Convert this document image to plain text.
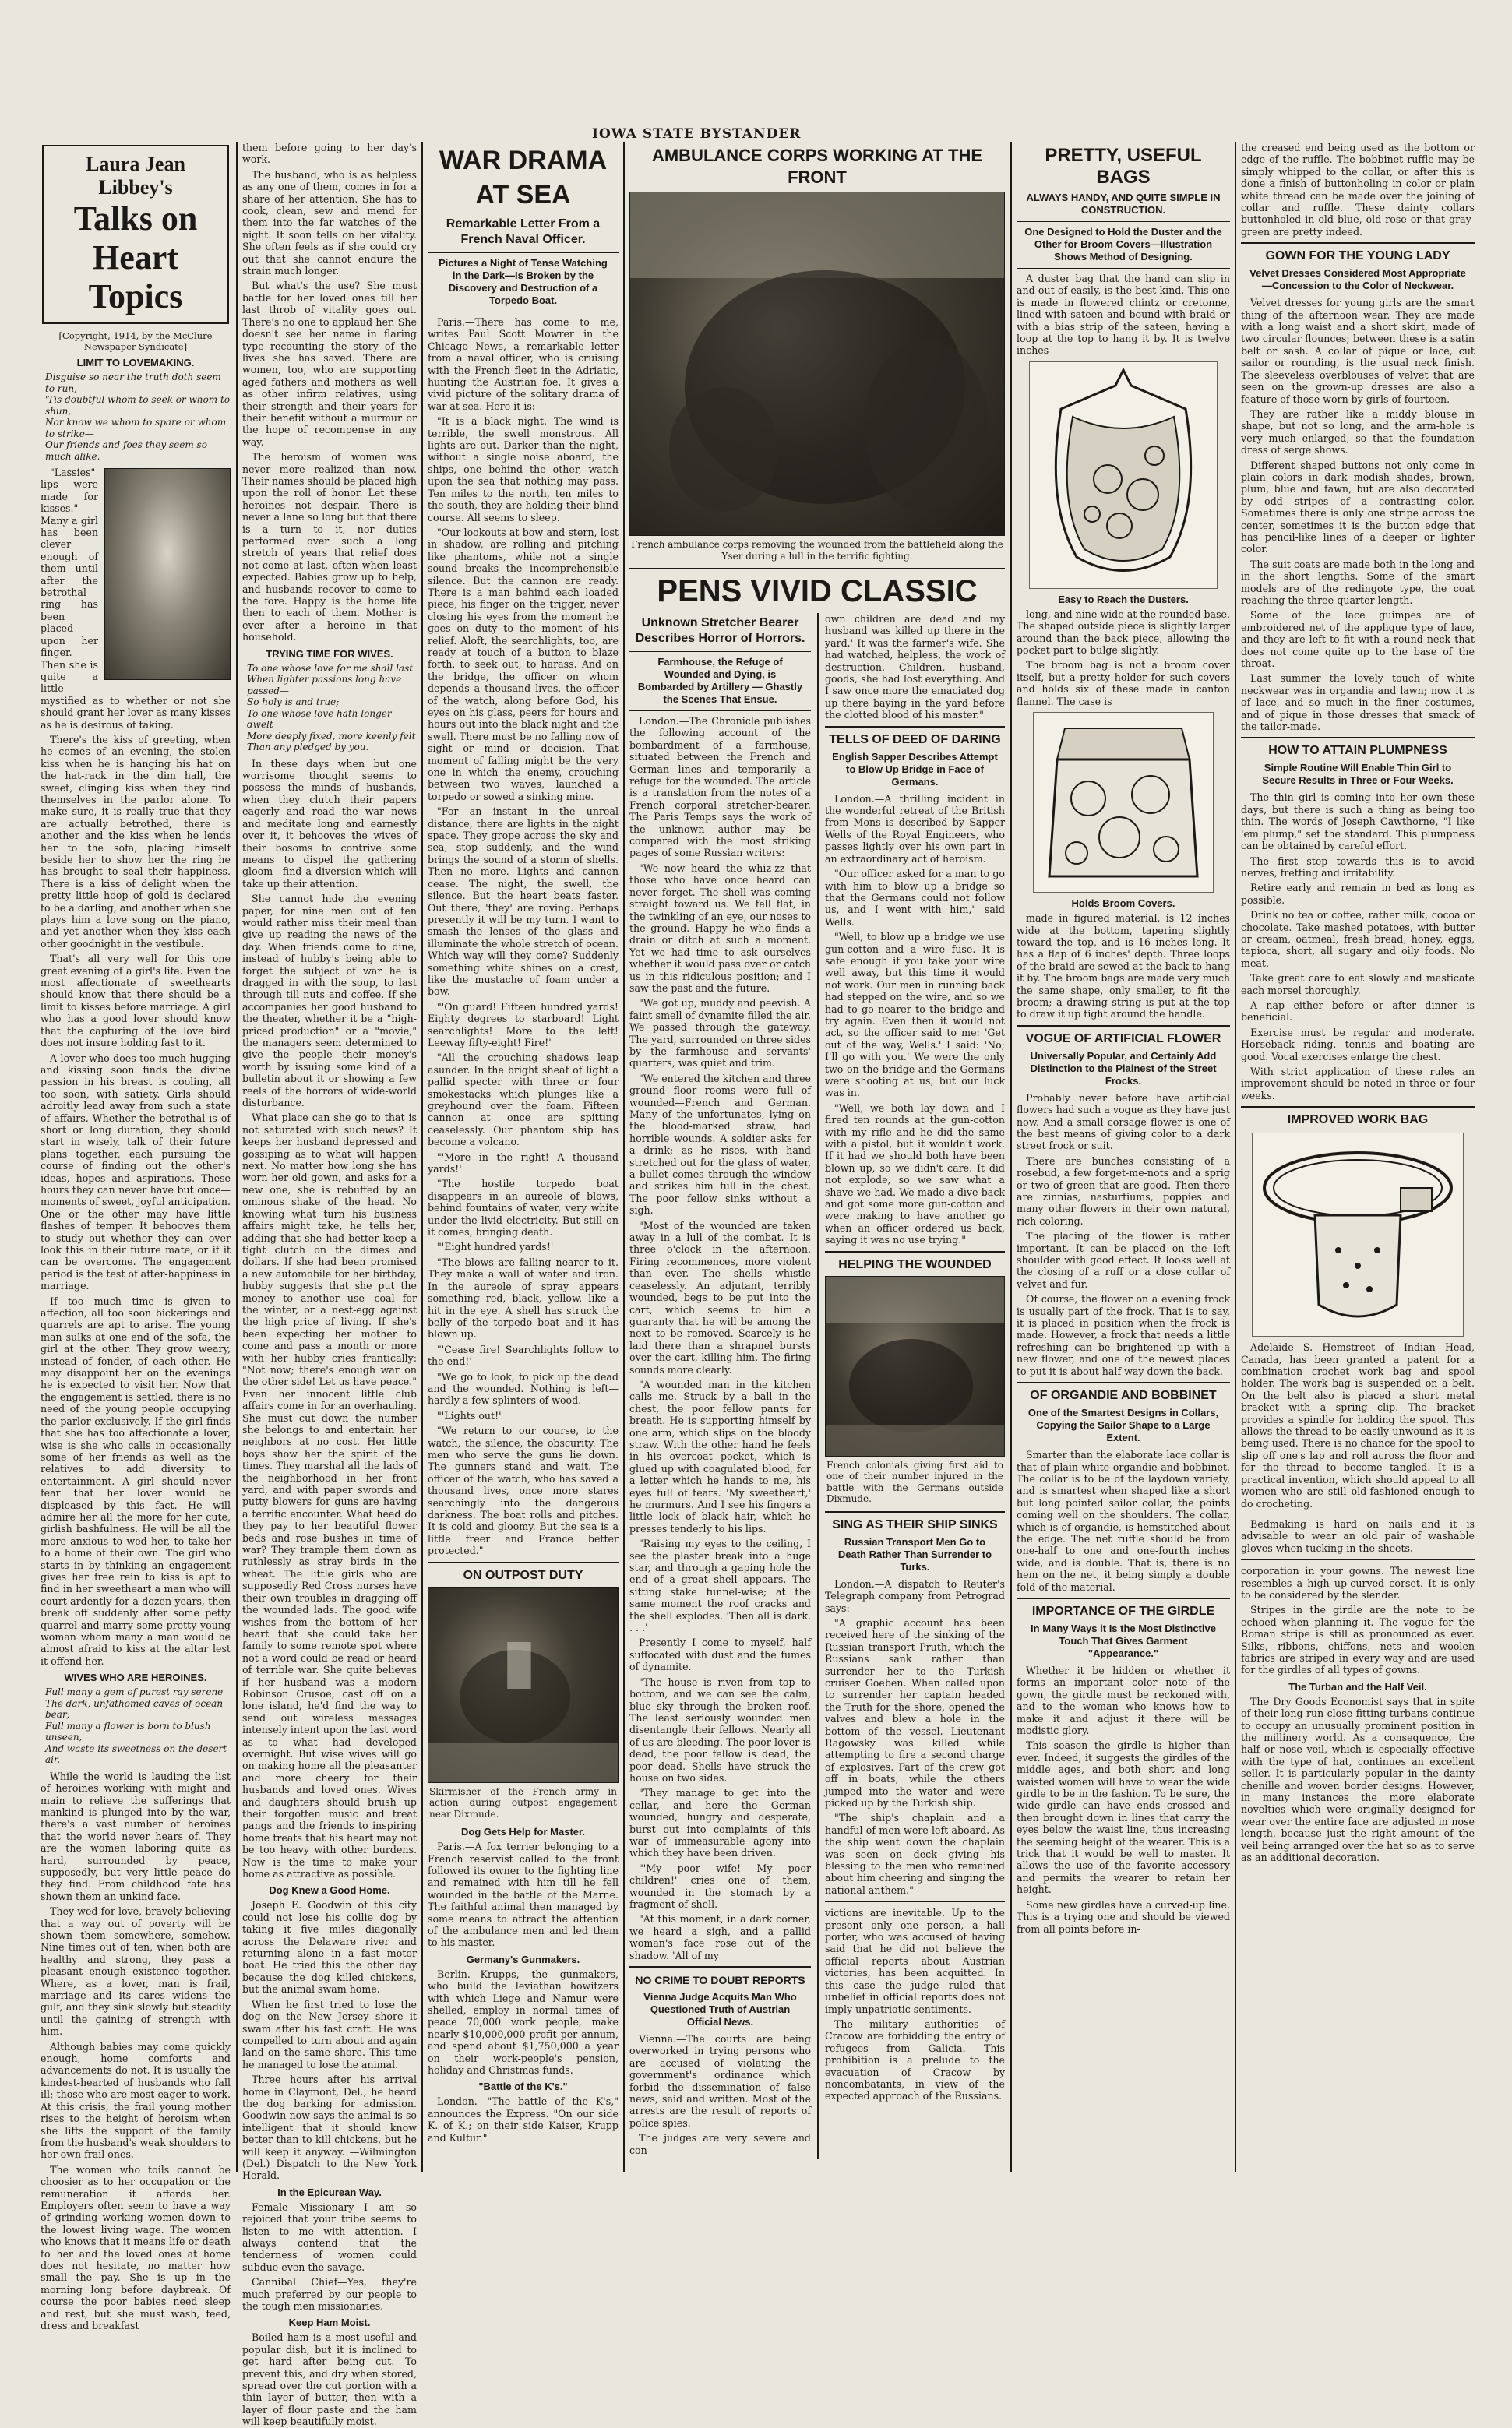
IOWA STATE BYSTANDER
Laura Jean Libbey's
Talks on
Heart Topics
[Copyright, 1914, by the McClure Newspaper Syndicate]
LIMIT TO LOVEMAKING.
Disguise so near the truth doth seem to run,
'Tis doubtful whom to seek or whom to shun,
Nor know we whom to spare or whom to strike—
Our friends and foes they seem so much alike.

"Lassies" lips were made for kisses." Many a girl has been clever enough of them until after the betrothal ring has been placed upon her finger. Then she is quite a little mystified as to whether or not she should grant her lover as many kisses as he is desirous of taking.

There's the kiss of greeting, when he comes of an evening, the stolen kiss when he is hanging his hat on the hat-rack in the dim hall, the sweet, clinging kiss when they find themselves in the parlor alone. To make sure, it is really true that they are actually betrothed, there is another and the kiss when he lends her to the sofa, placing himself beside her to show her the ring he has brought to seal their happiness. There is a kiss of delight when the pretty little hoop of gold is declared to be a darling, and another when she plays him a love song on the piano, and yet another when they kiss each other goodnight in the vestibule.

That's all very well for this one great evening of a girl's life. Even the most affectionate of sweethearts should know that there should be a limit to kisses before marriage. A girl who has a good lover should know that the capturing of the love bird does not insure holding fast to it.

A lover who does too much hugging and kissing soon finds the divine passion in his breast is cooling, all too soon, with satiety. Girls should adroitly lead away from such a state of affairs. Whether the betrothal is of short or long duration, they should start in wisely, talk of their future plans together, each pursuing the course of finding out the other's ideas, hopes and aspirations. These hours they can never have but once—moments of sweet, joyful anticipation. One or the other may have little flashes of temper. It behooves them to study out whether they can over look this in their future mate, or if it can be overcome. The engagement period is the test of after-happiness in marriage.

If too much time is given to affection, all too soon bickerings and quarrels are apt to arise. The young man sulks at one end of the sofa, the girl at the other. They grow weary, instead of fonder, of each other. He may disappoint her on the evenings he is expected to visit her. Now that the engagement is settled, there is no need of the young people occupying the parlor exclusively. If the girl finds that she has too affectionate a lover, wise is she who calls in occasionally some of her friends as well as the relatives to add diversity to entertainment. A girl should never fear that her lover would be displeased by this fact. He will admire her all the more for her cute, girlish bashfulness. He will be all the more anxious to wed her, to take her to a home of their own. The girl who starts in by thinking an engagement gives her free rein to kiss is apt to find in her sweetheart a man who will court ardently for a dozen years, then break off suddenly after some petty quarrel and marry some pretty young woman whom many a man would be almost afraid to kiss at the altar lest it offend her.

WIVES WHO ARE HEROINES.
Full many a gem of purest ray serene
The dark, unfathomed caves of ocean bear;
Full many a flower is born to blush unseen,
And waste its sweetness on the desert air.

While the world is lauding the list of heroines working with might and main to relieve the sufferings that mankind is plunged into by the war, there's a vast number of heroines that the world never hears of. They are the women laboring quite as hard, surrounded by peace, supposedly, but very little peace do they find. From childhood fate has shown them an unkind face.

They wed for love, bravely believing that a way out of poverty will be shown them somewhere, somehow. Nine times out of ten, when both are healthy and strong, they pass a pleasant enough existence together. Where, as a lover, man is frail, marriage and its cares widens the gulf, and they sink slowly but steadily until the gaining of strength with him.

Although babies may come quickly enough, home comforts and advancements do not. It is usually the kindest-hearted of husbands who fall ill; those who are most eager to work. At this crisis, the frail young mother rises to the height of heroism when she lifts the support of the family from the husband's weak shoulders to her own frail ones.

The women who toils cannot be choosier as to her occupation or the remuneration it affords her. Employers often seem to have a way of grinding working women down to the lowest living wage. The women who knows that it means life or death to her and the loved ones at home does not hesitate, no matter how small the pay. She is up in the morning long before daybreak. Of course the poor babies need sleep and rest, but she must wash, feed, dress and breakfast

them before going to her day's work.

The husband, who is as helpless as any one of them, comes in for a share of her attention. She has to cook, clean, sew and mend for them into the far watches of the night. It soon tells on her vitality. She often feels as if she could cry out that she cannot endure the strain much longer.

But what's the use? She must battle for her loved ones till her last throb of vitality goes out. There's no one to applaud her. She doesn't see her name in flaring type recounting the story of the lives she has saved. There are women, too, who are supporting aged fathers and mothers as well as other infirm relatives, using their strength and their years for their benefit without a murmur or the hope of recompense in any way.

The heroism of women was never more realized than now. Their names should be placed high upon the roll of honor. Let these heroines not despair. There is never a lane so long but that there is a turn to it, nor duties performed over such a long stretch of years that relief does not come at last, often when least expected. Babies grow up to help, and husbands recover to come to the fore. Happy is the home life then to each of them. Mother is ever after a heroine in that household.

TRYING TIME FOR WIVES.
To one whose love for me shall last
When lighter passions long have passed—
So holy is and true;
To one whose love hath longer dwelt
More deeply fixed, more keenly felt
Than any pledged by you.

In these days when but one worrisome thought seems to possess the minds of husbands, when they clutch their papers eagerly and read the war news and meditate long and earnestly over it, it behooves the wives of their bosoms to contrive some means to dispel the gathering gloom—find a diversion which will take up their attention.

She cannot hide the evening paper, for nine men out of ten would rather miss their meal than give up reading the news of the day. When friends come to dine, instead of hubby's being able to forget the subject of war he is dragged in with the soup, to last through till nuts and coffee. If she accompanies her good husband to the theater, whether it be a "high-priced production" or a "movie," the managers seem determined to give the people their money's worth by issuing some kind of a bulletin about it or showing a few reels of the horrors of wide-world disturbance.

What place can she go to that is not saturated with such news? It keeps her husband depressed and gossiping as to what will happen next. No matter how long she has worn her old gown, and asks for a new one, she is rebuffed by an ominous shake of the head. No knowing what turn his business affairs might take, he tells her, adding that she had better keep a tight clutch on the dimes and dollars. If she had been promised a new automobile for her birthday, hubby suggests that she put the money to another use—coal for the winter, or a nest-egg against the high price of living. If she's been expecting her mother to come and pass a month or more with her hubby cries frantically: "Not now; there's enough war on the other side! Let us have peace." Even her innocent little club affairs come in for an overhauling. She must cut down the number she belongs to and entertain her neighbors at no cost. Her little boys show her the spirit of the times. They marshal all the lads of the neighborhood in her front yard, and with paper swords and putty blowers for guns are having a terrific encounter. What heed do they pay to her beautiful flower beds and rose bushes in time of war? They trample them down as ruthlessly as stray birds in the wheat. The little girls who are supposedly Red Cross nurses have their own troubles in dragging off the wounded lads. The good wife wishes from the bottom of her heart that she could take her family to some remote spot where not a word could be read or heard of terrible war. She quite believes if her husband was a modern Robinson Crusoe, cast off on a lone island, he'd find the way to send out wireless messages intensely intent upon the last word as to what had developed overnight. But wise wives will go on making home all the pleasanter and more cheery for their husbands and loved ones. Wives and daughters should brush up their forgotten music and treat pangs and the friends to inspiring home treats that his heart may not be too heavy with other burdens. Now is the time to make your home as attractive as possible.

Dog Knew a Good Home.

Joseph E. Goodwin of this city could not lose his collie dog by taking it five miles diagonally across the Delaware river and returning alone in a fast motor boat. He tried this the other day because the dog killed chickens, but the animal swam home.

When he first tried to lose the dog on the New Jersey shore it swam after his fast craft. He was compelled to turn about and again land on the same shore. This time he managed to lose the animal.

Three hours after his arrival home in Claymont, Del., he heard the dog barking for admission. Goodwin now says the animal is so intelligent that it should know better than to kill chickens, but he will keep it anyway. —Wilmington (Del.) Dispatch to the New York Herald.

In the Epicurean Way.

Female Missionary—I am so rejoiced that your tribe seems to listen to me with attention. I always contend that the tenderness of women could subdue even the savage.

Cannibal Chief—Yes, they're much preferred by our people to the tough men missionaries.

Keep Ham Moist.

Boiled ham is a most useful and popular dish, but it is inclined to get hard after being cut. To prevent this, and dry when stored, spread over the cut portion with a thin layer of butter, then with a layer of flour paste and the ham will keep beautifully moist.

WAR DRAMA AT SEA
Remarkable Letter From a French Naval Officer.
Pictures a Night of Tense Watching in the Dark—Is Broken by the Discovery and Destruction of a Torpedo Boat.

Paris.—There has come to me, writes Paul Scott Mowrer in the Chicago News, a remarkable letter from a naval officer, who is cruising with the French fleet in the Adriatic, hunting the Austrian foe. It gives a vivid picture of the solitary drama of war at sea. Here it is:

"It is a black night. The wind is terrible, the swell monstrous. All lights are out. Darker than the night, without a single noise aboard, the ships, one behind the other, watch upon the sea that nothing may pass. Ten miles to the north, ten miles to the south, they are holding their blind course. All seems to sleep.

"Our lookouts at bow and stern, lost in shadow, are rolling and pitching like phantoms, while not a single sound breaks the incomprehensible silence. But the cannon are ready. There is a man behind each loaded piece, his finger on the trigger, never closing his eyes from the moment he goes on duty to the moment of his relief. Aloft, the searchlights, too, are ready at touch of a button to blaze forth, to seek out, to harass. And on the bridge, the officer on whom depends a thousand lives, the officer of the watch, along before God, his eyes on his glass, peers for hours and hours out into the black night and the swell. There must be no falling now of sight or mind or decision. That moment of falling might be the very one in which the enemy, crouching between two waves, launched a torpedo or sowed a sinking mine.

"For an instant in the unreal distance, there are lights in the night space. They grope across the sky and sea, stop suddenly, and the wind brings the sound of a storm of shells. Then no more. Lights and cannon cease. The night, the swell, the silence. But the heart beats faster. Out there, 'they' are roving. Perhaps presently it will be my turn. I want to smash the lenses of the glass and illuminate the whole stretch of ocean. Which way will they come? Suddenly something white shines on a crest, like the mustache of foam under a bow.

"'On guard! Fifteen hundred yards! Eighty degrees to starboard! Light searchlights! More to the left! Leeway fifty-eight! Fire!'

"All the crouching shadows leap asunder. In the bright sheaf of light a pallid specter with three or four smokestacks which plunges like a greyhound over the foam. Fifteen cannon at once are spitting ceaselessly. Our phantom ship has become a volcano.

"'More in the right! A thousand yards!'

"The hostile torpedo boat disappears in an aureole of blows, behind fountains of water, very white under the livid electricity. But still on it comes, bringing death.

"'Eight hundred yards!'

"The blows are falling nearer to it. They make a wall of water and iron. In the aureole of spray appears something red, black, yellow, like a hit in the eye. A shell has struck the belly of the torpedo boat and it has blown up.

"'Cease fire! Searchlights follow to the end!'

"We go to look, to pick up the dead and the wounded. Nothing is left—hardly a few splinters of wood.

"'Lights out!'

"We return to our course, to the watch, the silence, the obscurity. The men who serve the guns lie down. The gunners stand and wait. The officer of the watch, who has saved a thousand lives, once more stares searchingly into the dangerous darkness. The boat rolls and pitches. It is cold and gloomy. But the sea is a little freer and France better protected."

ON OUTPOST DUTY
Skirmisher of the French army in action during outpost engagement near Dixmude.
Dog Gets Help for Master.

Paris.—A fox terrier belonging to a French reservist called to the front followed its owner to the fighting line and remained with him till he fell wounded in the battle of the Marne. The faithful animal then managed by some means to attract the attention of the ambulance men and led them to his master.

Germany's Gunmakers.

Berlin.—Krupps, the gunmakers, who build the leviathan howitzers with which Liege and Namur were shelled, employ in normal times of peace 70,000 work people, make nearly $10,000,000 profit per annum, and spend about $1,750,000 a year on their work-people's pension, holiday and Christmas funds.

"Battle of the K's."

London.—"The battle of the K's," announces the Express. "On our side K. of K.; on their side Kaiser, Krupp and Kultur."

AMBULANCE CORPS WORKING AT THE FRONT
French ambulance corps removing the wounded from the battlefield along the Yser during a lull in the terrific fighting.
PENS VIVID CLASSIC
Unknown Stretcher Bearer Describes Horror of Horrors.
Farmhouse, the Refuge of Wounded and Dying, is Bombarded by Artillery — Ghastly the Scenes That Ensue.

London.—The Chronicle publishes the following account of the bombardment of a farmhouse, situated between the French and German lines and temporarily a refuge for the wounded. The article is a translation from the notes of a French corporal stretcher-bearer. The Paris Temps says the work of the unknown author may be compared with the most striking pages of some Russian writers:

"We now heard the whiz-zz that those who have once heard can never forget. The shell was coming straight toward us. We fell flat, in the twinkling of an eye, our noses to the ground. Happy he who finds a drain or ditch at such a moment. Yet we had time to ask ourselves whether it would pass over or catch us in this ridiculous position; and I saw the past and the future.

"We got up, muddy and peevish. A faint smell of dynamite filled the air. We passed through the gateway. The yard, surrounded on three sides by the farmhouse and servants' quarters, was quiet and trim.

"We entered the kitchen and three ground floor rooms were full of wounded—French and German. Many of the unfortunates, lying on the blood-marked straw, had horrible wounds. A soldier asks for a drink; as he rises, with hand stretched out for the glass of water, a bullet comes through the window and strikes him full in the chest. The poor fellow sinks without a sigh.

"Most of the wounded are taken away in a lull of the combat. It is three o'clock in the afternoon. Firing recommences, more violent than ever. The shells whistle ceaselessly. An adjutant, terribly wounded, begs to be put into the cart, which seems to him a guaranty that he will be among the next to be removed. Scarcely is he laid there than a shrapnel bursts over the cart, killing him. The firing sounds more clearly.

"A wounded man in the kitchen calls me. Struck by a ball in the chest, the poor fellow pants for breath. He is supporting himself by one arm, which slips on the bloody straw. With the other hand he feels in his overcoat pocket, which is glued up with coagulated blood, for a letter which he hands to me, his eyes full of tears. 'My sweetheart,' he murmurs. And I see his fingers a little lock of black hair, which he presses tenderly to his lips.

"Raising my eyes to the ceiling, I see the plaster break into a huge star, and through a gaping hole the end of a great shell appears. The sitting stake funnel-wise; at the same moment the roof cracks and the shell explodes. 'Then all is dark. . . .'

Presently I come to myself, half suffocated with dust and the fumes of dynamite.

"The house is riven from top to bottom, and we can see the calm, blue sky through the broken roof. The least seriously wounded men disentangle their fellows. Nearly all of us are bleeding. The poor lover is dead, the poor fellow is dead, the poor dead. Shells have struck the house on two sides.

"They manage to get into the cellar, and here the German wounded, hungry and desperate, burst out into complaints of this war of immeasurable agony into which they have been driven.

"'My poor wife! My poor children!' cries one of them, wounded in the stomach by a fragment of shell.

"At this moment, in a dark corner, we heard a sigh, and a pallid woman's face rose out of the shadow. 'All of my

NO CRIME TO DOUBT REPORTS
Vienna Judge Acquits Man Who Questioned Truth of Austrian Official News.

Vienna.—The courts are being overworked in trying persons who are accused of violating the government's ordinance which forbid the dissemination of false news, said and written. Most of the arrests are the result of reports of police spies.

The judges are very severe and con-

own children are dead and my husband was killed up there in the yard.' It was the farmer's wife. She had watched, helpless, the work of destruction. Children, husband, goods, she had lost everything. And I saw once more the emaciated dog up there baying in the yard before the clotted blood of his master."

TELLS OF DEED OF DARING
English Sapper Describes Attempt to Blow Up Bridge in Face of Germans.

London.—A thrilling incident in the wonderful retreat of the British from Mons is described by Sapper Wells of the Royal Engineers, who passes lightly over his own part in an extraordinary act of heroism.

"Our officer asked for a man to go with him to blow up a bridge so that the Germans could not follow us, and I went with him," said Wells.

"Well, to blow up a bridge we use gun-cotton and a wire fuse. It is safe enough if you take your wire well away, but this time it would not work. Our men in running back had stepped on the wire, and so we had to go nearer to the bridge and try again. Even then it would not act, so the officer said to me: 'Get out of the way, Wells.' I said: 'No; I'll go with you.' We were the only two on the bridge and the Germans were shooting at us, but our luck was in.

"Well, we both lay down and I fired ten rounds at the gun-cotton with my rifle and he did the same with a pistol, but it wouldn't work. If it had we should both have been blown up, so we didn't care. It did not explode, so we saw what a shave we had. We made a dive back and got some more gun-cotton and were making to have another go when an officer ordered us back, saying it was no use trying."

HELPING THE WOUNDED
French colonials giving first aid to one of their number injured in the battle with the Germans outside Dixmude.
SING AS THEIR SHIP SINKS
Russian Transport Men Go to Death Rather Than Surrender to Turks.

London.—A dispatch to Reuter's Telegraph company from Petrograd says:

"A graphic account has been received here of the sinking of the Russian transport Pruth, which the Russians sank rather than surrender her to the Turkish cruiser Goeben. When called upon to surrender her captain headed the Truth for the shore, opened the valves and blew a hole in the bottom of the vessel. Lieutenant Ragowsky was killed while attempting to fire a second charge of explosives. Part of the crew got off in boats, while the others jumped into the water and were picked up by the Turkish ship.

"The ship's chaplain and a handful of men were left aboard. As the ship went down the chaplain was seen on deck giving his blessing to the men who remained about him cheering and singing the national anthem."

victions are inevitable. Up to the present only one person, a hall porter, who was accused of having said that he did not believe the official reports about Austrian victories, has been acquitted. In this case the judge ruled that unbelief in official reports does not imply unpatriotic sentiments.

The military authorities of Cracow are forbidding the entry of refugees from Galicia. This prohibition is a prelude to the evacuation of Cracow by noncombatants, in view of the expected approach of the Russians.

PRETTY, USEFUL BAGS
ALWAYS HANDY, AND QUITE SIMPLE IN CONSTRUCTION.
One Designed to Hold the Duster and the Other for Broom Covers—Illustration Shows Method of Designing.

A duster bag that the hand can slip in and out of easily, is the best kind. This one is made in flowered chintz or cretonne, lined with sateen and bound with braid or with a bias strip of the sateen, having a loop at the top to hang it by. It is twelve inches

Easy to Reach the Dusters.

long, and nine wide at the rounded base. The shaped outside piece is slightly larger around than the back piece, allowing the pocket part to bulge slightly.

The broom bag is not a broom cover itself, but a pretty holder for such covers and holds six of these made in canton flannel. The case is

Holds Broom Covers.

made in figured material, is 12 inches wide at the bottom, tapering slightly toward the top, and is 16 inches long. It has a flap of 6 inches' depth. Three loops of the braid are sewed at the back to hang it by. The broom bags are made very much the same shape, only smaller, to fit the broom; a drawing string is put at the top to draw it up tight around the handle.

VOGUE OF ARTIFICIAL FLOWER
Universally Popular, and Certainly Add Distinction to the Plainest of the Street Frocks.

Probably never before have artificial flowers had such a vogue as they have just now. And a small corsage flower is one of the best means of giving color to a dark street frock or suit.

There are bunches consisting of a rosebud, a few forget-me-nots and a sprig or two of green that are good. Then there are zinnias, nasturtiums, poppies and many other flowers in their own natural, rich coloring.

The placing of the flower is rather important. It can be placed on the left shoulder with good effect. It looks well at the closing of a ruff or a close collar of velvet and fur.

Of course, the flower on a evening frock is usually part of the frock. That is to say, it is placed in position when the frock is made. However, a frock that needs a little refreshing can be brightened up with a new flower, and one of the newest places to put it is about half way down the back.

OF ORGANDIE AND BOBBINET
One of the Smartest Designs in Collars, Copying the Sailor Shape to a Large Extent.

Smarter than the elaborate lace collar is that of plain white organdie and bobbinet. The collar is to be of the laydown variety, and is smartest when shaped like a short but long pointed sailor collar, the points coming well on the shoulders. The collar, which is of organdie, is hemstitched about the edge. The net ruffle should be from one-half to one and one-fourth inches wide, and is double. That is, there is no hem on the net, it being simply a double fold of the material.

IMPORTANCE OF THE GIRDLE
In Many Ways it Is the Most Distinctive Touch That Gives Garment "Appearance."

Whether it be hidden or whether it forms an important color note of the gown, the girdle must be reckoned with, and to the woman who knows how to make it and adjust it there will be modistic glory.

This season the girdle is higher than ever. Indeed, it suggests the girdles of the middle ages, and both short and long waisted women will have to wear the wide girdle to be in the fashion. To be sure, the wide girdle can have ends crossed and then brought down in lines that carry the eyes below the waist line, thus increasing the seeming height of the wearer. This is a trick that it would be well to master. It allows the use of the favorite accessory and permits the wearer to retain her height.

Some new girdles have a curved-up line. This is a trying one and should be viewed from all points before in-

the creased end being used as the bottom or edge of the ruffle. The bobbinet ruffle may be simply whipped to the collar, or after this is done a finish of buttonholing in color or plain white thread can be made over the joining of collar and ruffle. These dainty collars buttonholed in old blue, old rose or that gray-green are pretty indeed.

GOWN FOR THE YOUNG LADY
Velvet Dresses Considered Most Appropriate—Concession to the Color of Neckwear.

Velvet dresses for young girls are the smart thing of the afternoon wear. They are made with a long waist and a short skirt, made of two circular flounces; between these is a satin belt or sash. A collar of pique or lace, cut sailor or rounding, is the usual neck finish. The sleeveless overblouses of velvet that are seen on the grown-up dresses are also a feature of those worn by girls of fourteen.

They are rather like a middy blouse in shape, but not so long, and the arm-hole is very much enlarged, so that the foundation dress of serge shows.

Different shaped buttons not only come in plain colors in dark modish shades, brown, plum, blue and fawn, but are also decorated by odd stripes of a contrasting color. Sometimes there is only one stripe across the center, sometimes it is the button edge that has pencil-like lines of a deeper or lighter color.

The suit coats are made both in the long and in the short lengths. Some of the smart models are of the redingote type, the coat reaching the three-quarter length.

Some of the lace guimpes are of embroidered net of the applique type of lace, and they are left to fit with a round neck that does not come quite up to the base of the throat.

Last summer the lovely touch of white neckwear was in organdie and lawn; now it is of lace, and so much in the finer costumes, and of pique in those dresses that smack of the tailor-made.

HOW TO ATTAIN PLUMPNESS
Simple Routine Will Enable Thin Girl to Secure Results in Three or Four Weeks.

The thin girl is coming into her own these days, but there is such a thing as being too thin. The words of Joseph Cawthorne, "I like 'em plump," set the standard. This plumpness can be obtained by careful effort.

The first step towards this is to avoid nerves, fretting and irritability.

Retire early and remain in bed as long as possible.

Drink no tea or coffee, rather milk, cocoa or chocolate. Take mashed potatoes, with butter or cream, oatmeal, fresh bread, honey, eggs, tapioca, short, all sugary and oily foods. No meat.

Take great care to eat slowly and masticate each morsel thoroughly.

A nap either before or after dinner is beneficial.

Exercise must be regular and moderate. Horseback riding, tennis and boating are good. Vocal exercises enlarge the chest.

With strict application of these rules an improvement should be noted in three or four weeks.

IMPROVED WORK BAG

Adelaide S. Hemstreet of Indian Head, Canada, has been granted a patent for a combination crochet work bag and spool holder. The work bag is suspended on a belt. On the belt also is placed a short metal bracket with a spring clip. The bracket provides a spindle for holding the spool. This allows the thread to be easily unwound as it is being used. There is no chance for the spool to slip off one's lap and roll across the floor and for the thread to become tangled. It is a practical invention, which should appeal to all women who are still old-fashioned enough to do crocheting.

Bedmaking is hard on nails and it is advisable to wear an old pair of washable gloves when tucking in the sheets.

corporation in your gowns. The newest line resembles a high up-curved corset. It is only to be considered by the slender.

Stripes in the girdle are the note to be echoed when planning it. The vogue for the Roman stripe is still as pronounced as ever. Silks, ribbons, chiffons, nets and woolen fabrics are striped in every way and are used for the girdles of all types of gowns.

The Turban and the Half Veil.

The Dry Goods Economist says that in spite of their long run close fitting turbans continue to occupy an unusually prominent position in the millinery world. As a consequence, the half or nose veil, which is especially effective with the type of hat, continues an excellent seller. It is particularly popular in the dainty chenille and woven border designs. However, in many instances the more elaborate novelties which were originally designed for wear over the entire face are adjusted in nose length, because just the right amount of the veil being arranged over the hat so as to serve as an additional decoration.
